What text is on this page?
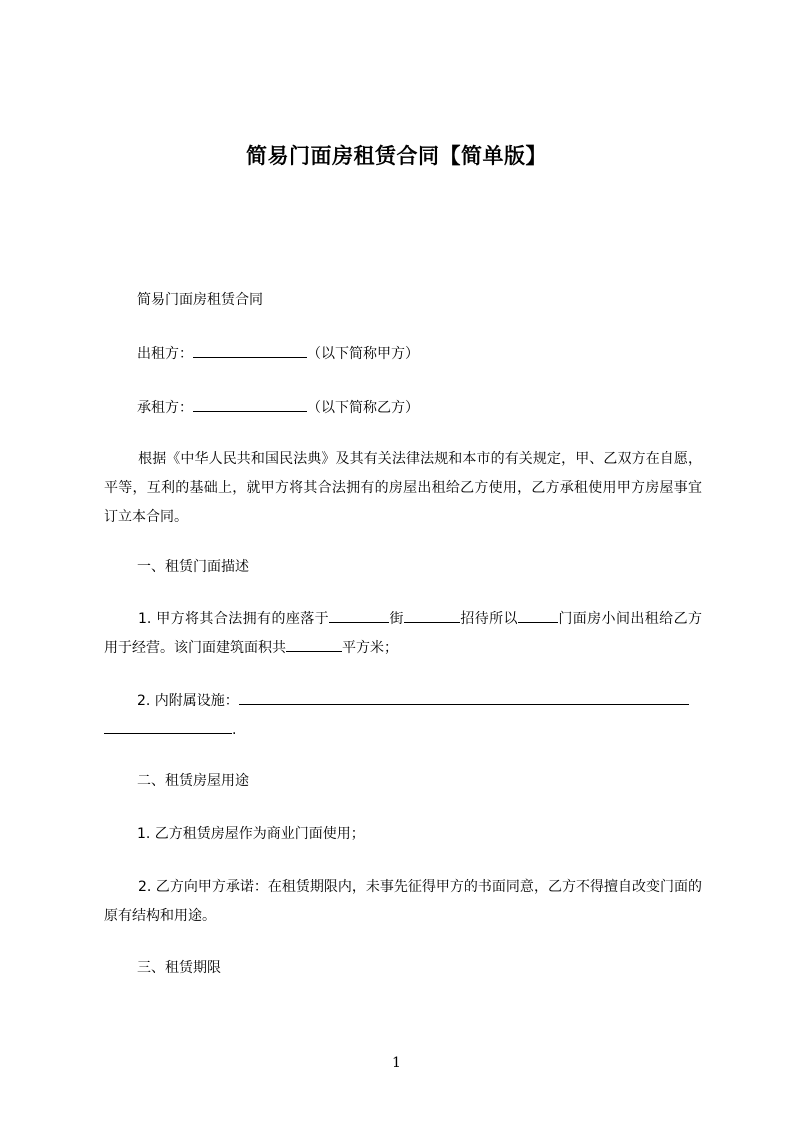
简易门面房租赁合同【简单版】
简易门面房租赁合同
出租方：	（以下简称甲方）
承租方：	（以下简称乙方）
根据《中华人民共和国民法典》及其有关法律法规和本市的有关规定，甲、乙双方在自愿，平等，互利的基础上，就甲方将其合法拥有的房屋出租给乙方使用，乙方承租使用甲方房屋事宜订立本合同。
一、租赁门面描述
1. 甲方将其合法拥有的座落于	街	招待所以	门面房小间出租给乙方用于经营。该门面建筑面积共	平方米；
2. 内附属设施：
.
二、租赁房屋用途
1. 乙方租赁房屋作为商业门面使用；
2. 乙方向甲方承诺：在租赁期限内，未事先征得甲方的书面同意，乙方不得擅自改变门面的原有结构和用途。
三、租赁期限
1
